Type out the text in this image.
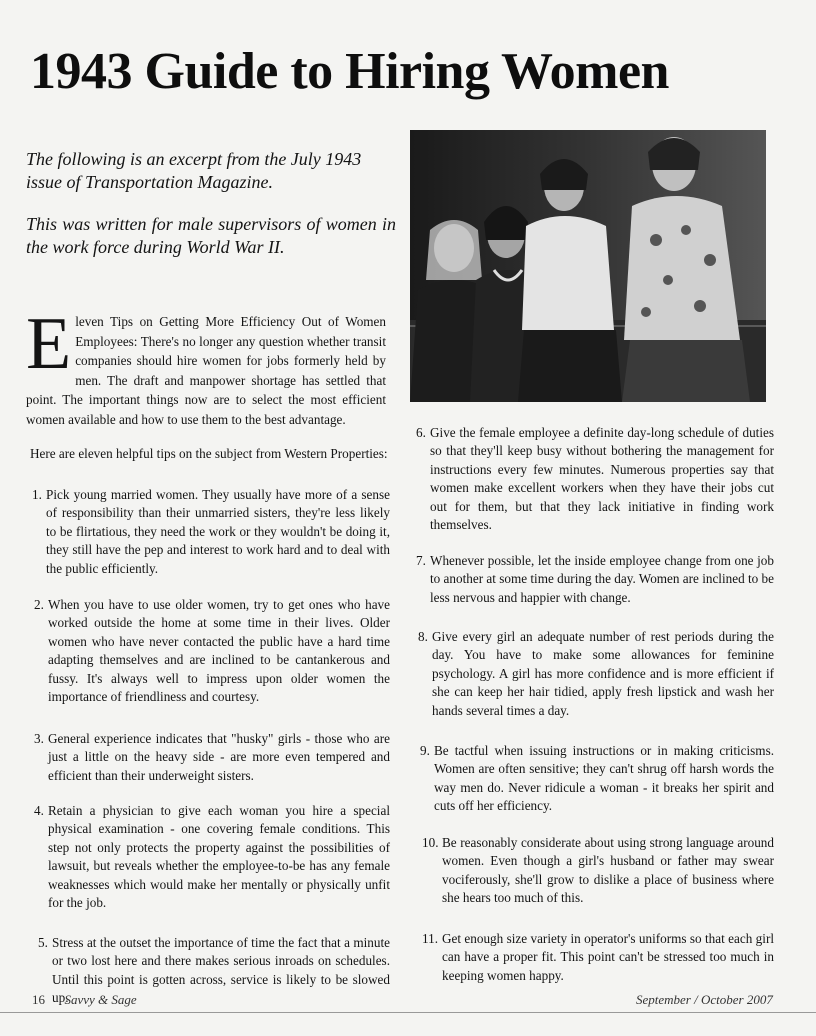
1943 Guide to Hiring Women
The following is an excerpt from the July 1943 issue of Transportation Magazine.
This was written for male supervisors of women in the work force during World War II.
Eleven Tips on Getting More Efficiency Out of Women Employees: There's no longer any question whether transit companies should hire women for jobs formerly held by men. The draft and manpower shortage has settled that point. The important things now are to select the most efficient women available and how to use them to the best advantage.
Here are eleven helpful tips on the subject from Western Properties:
1. Pick young married women. They usually have more of a sense of responsibility than their unmarried sisters, they're less likely to be flirtatious, they need the work or they wouldn't be doing it, they still have the pep and interest to work hard and to deal with the public efficiently.
2. When you have to use older women, try to get ones who have worked outside the home at some time in their lives. Older women who have never contacted the public have a hard time adapting themselves and are inclined to be cantankerous and fussy. It's always well to impress upon older women the importance of friendliness and courtesy.
3. General experience indicates that "husky" girls - those who are just a little on the heavy side - are more even tempered and efficient than their underweight sisters.
4. Retain a physician to give each woman you hire a special physical examination - one covering female conditions. This step not only protects the property against the possibilities of lawsuit, but reveals whether the employee-to-be has any female weaknesses which would make her mentally or physically unfit for the job.
5. Stress at the outset the importance of time the fact that a minute or two lost here and there makes serious inroads on schedules. Until this point is gotten across, service is likely to be slowed up.
6. Give the female employee a definite day-long schedule of duties so that they'll keep busy without bothering the management for instructions every few minutes. Numerous properties say that women make excellent workers when they have their jobs cut out for them, but that they lack initiative in finding work themselves.
7. Whenever possible, let the inside employee change from one job to another at some time during the day. Women are inclined to be less nervous and happier with change.
8. Give every girl an adequate number of rest periods during the day. You have to make some allowances for feminine psychology. A girl has more confidence and is more efficient if she can keep her hair tidied, apply fresh lipstick and wash her hands several times a day.
9. Be tactful when issuing instructions or in making criticisms. Women are often sensitive; they can't shrug off harsh words the way men do. Never ridicule a woman - it breaks her spirit and cuts off her efficiency.
10. Be reasonably considerate about using strong language around women. Even though a girl's husband or father may swear vociferously, she'll grow to dislike a place of business where she hears too much of this.
11. Get enough size variety in operator's uniforms so that each girl can have a proper fit. This point can't be stressed too much in keeping women happy.
16 Savvy & Sage	September / October 2007
